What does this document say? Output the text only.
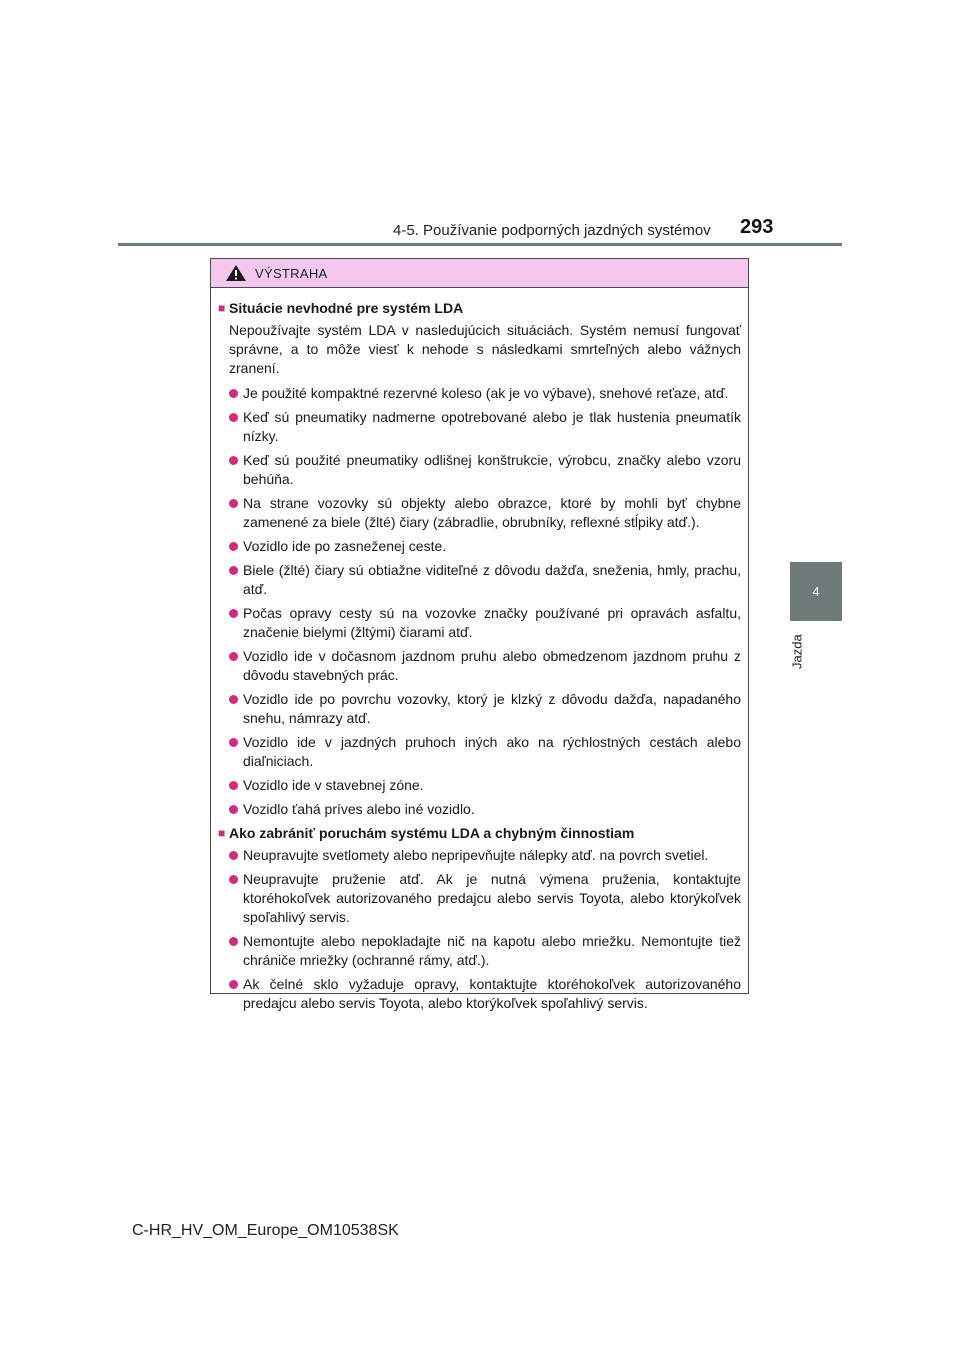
4-5. Používanie podporných jazdných systémov 293
4
Jazda
VÝSTRAHA
■ Situácie nevhodné pre systém LDA
Nepoužívajte systém LDA v nasledujúcich situáciách. Systém nemusí fungovať správne, a to môže viesť k nehode s následkami smrteľných alebo vážnych zranení.
Je použité kompaktné rezervné koleso (ak je vo výbave), snehové reťaze, atď.
Keď sú pneumatiky nadmerne opotrebované alebo je tlak hustenia pneumatík nízky.
Keď sú použité pneumatiky odlišnej konštrukcie, výrobcu, značky alebo vzoru behúňa.
Na strane vozovky sú objekty alebo obrazce, ktoré by mohli byť chybne zamenené za biele (žlté) čiary (zábradlie, obrubníky, reflexné stĺpiky atď.).
Vozidlo ide po zasneženej ceste.
Biele (žlté) čiary sú obtiažne viditeľné z dôvodu dažďa, sneženia, hmly, prachu, atď.
Počas opravy cesty sú na vozovke značky používané pri opravách asfaltu, značenie bielymi (žltými) čiarami atď.
Vozidlo ide v dočasnom jazdnom pruhu alebo obmedzenom jazdnom pruhu z dôvodu stavebných prác.
Vozidlo ide po povrchu vozovky, ktorý je klzký z dôvodu dažďa, napadaného snehu, námrazy atď.
Vozidlo ide v jazdných pruhoch iných ako na rýchlostných cestách alebo diaľniciach.
Vozidlo ide v stavebnej zóne.
Vozidlo ťahá príves alebo iné vozidlo.
■ Ako zabrániť poruchám systému LDA a chybným činnostiam
Neupravujte svetlomety alebo nepripevňujte nálepky atď. na povrch svetiel.
Neupravujte pruženie atď. Ak je nutná výmena pruženia, kontaktujte ktoréhokoľvek autorizovaného predajcu alebo servis Toyota, alebo ktorýkoľvek spoľahlivý servis.
Nemontujte alebo nepokladajte nič na kapotu alebo mriežku. Nemontujte tiež chrániče mriežky (ochranné rámy, atď.).
Ak čelné sklo vyžaduje opravy, kontaktujte ktoréhokoľvek autorizovaného predajcu alebo servis Toyota, alebo ktorýkoľvek spoľahlivý servis.
C-HR_HV_OM_Europe_OM10538SK
